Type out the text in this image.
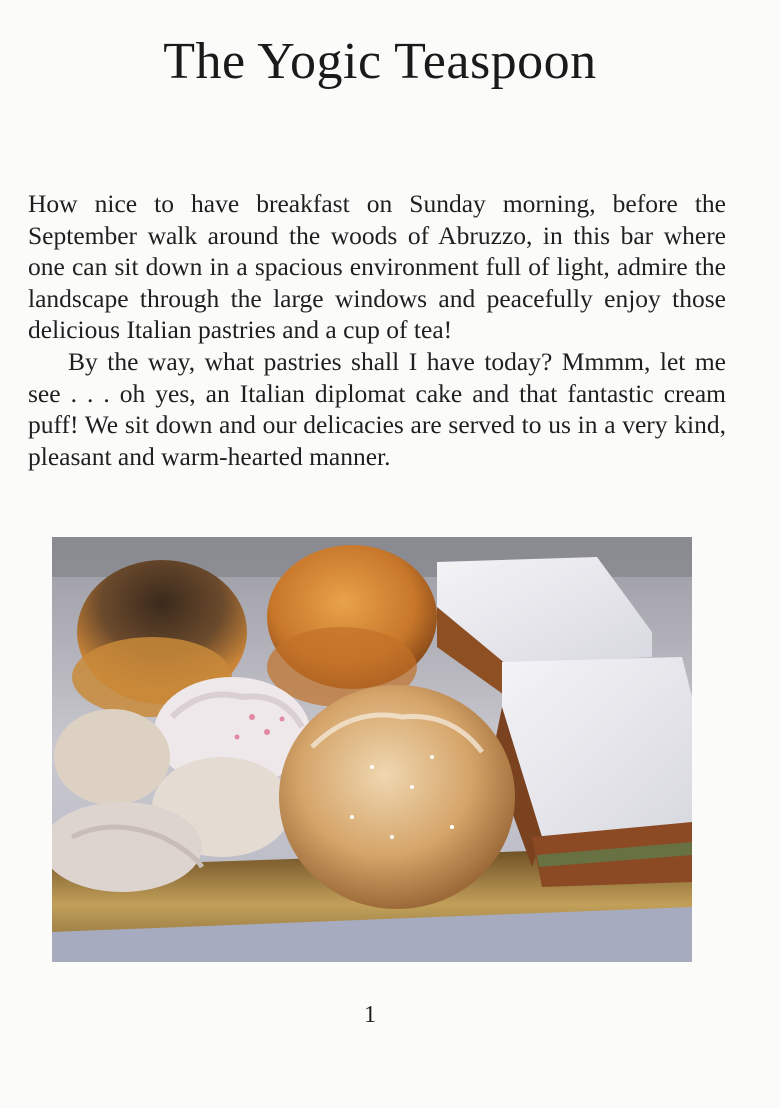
The Yogic Teaspoon

How nice to have breakfast on Sunday morning, before the September walk around the woods of Abruzzo, in this bar where one can sit down in a spacious environment full of light, admire the landscape through the large windows and peacefully enjoy those delicious Italian pastries and a cup of tea!

By the way, what pastries shall I have today? Mmmm, let me see . . . oh yes, an Italian diplomat cake and that fantastic cream puff! We sit down and our delicacies are served to us in a very kind, pleasant and warm-hearted manner.

1
